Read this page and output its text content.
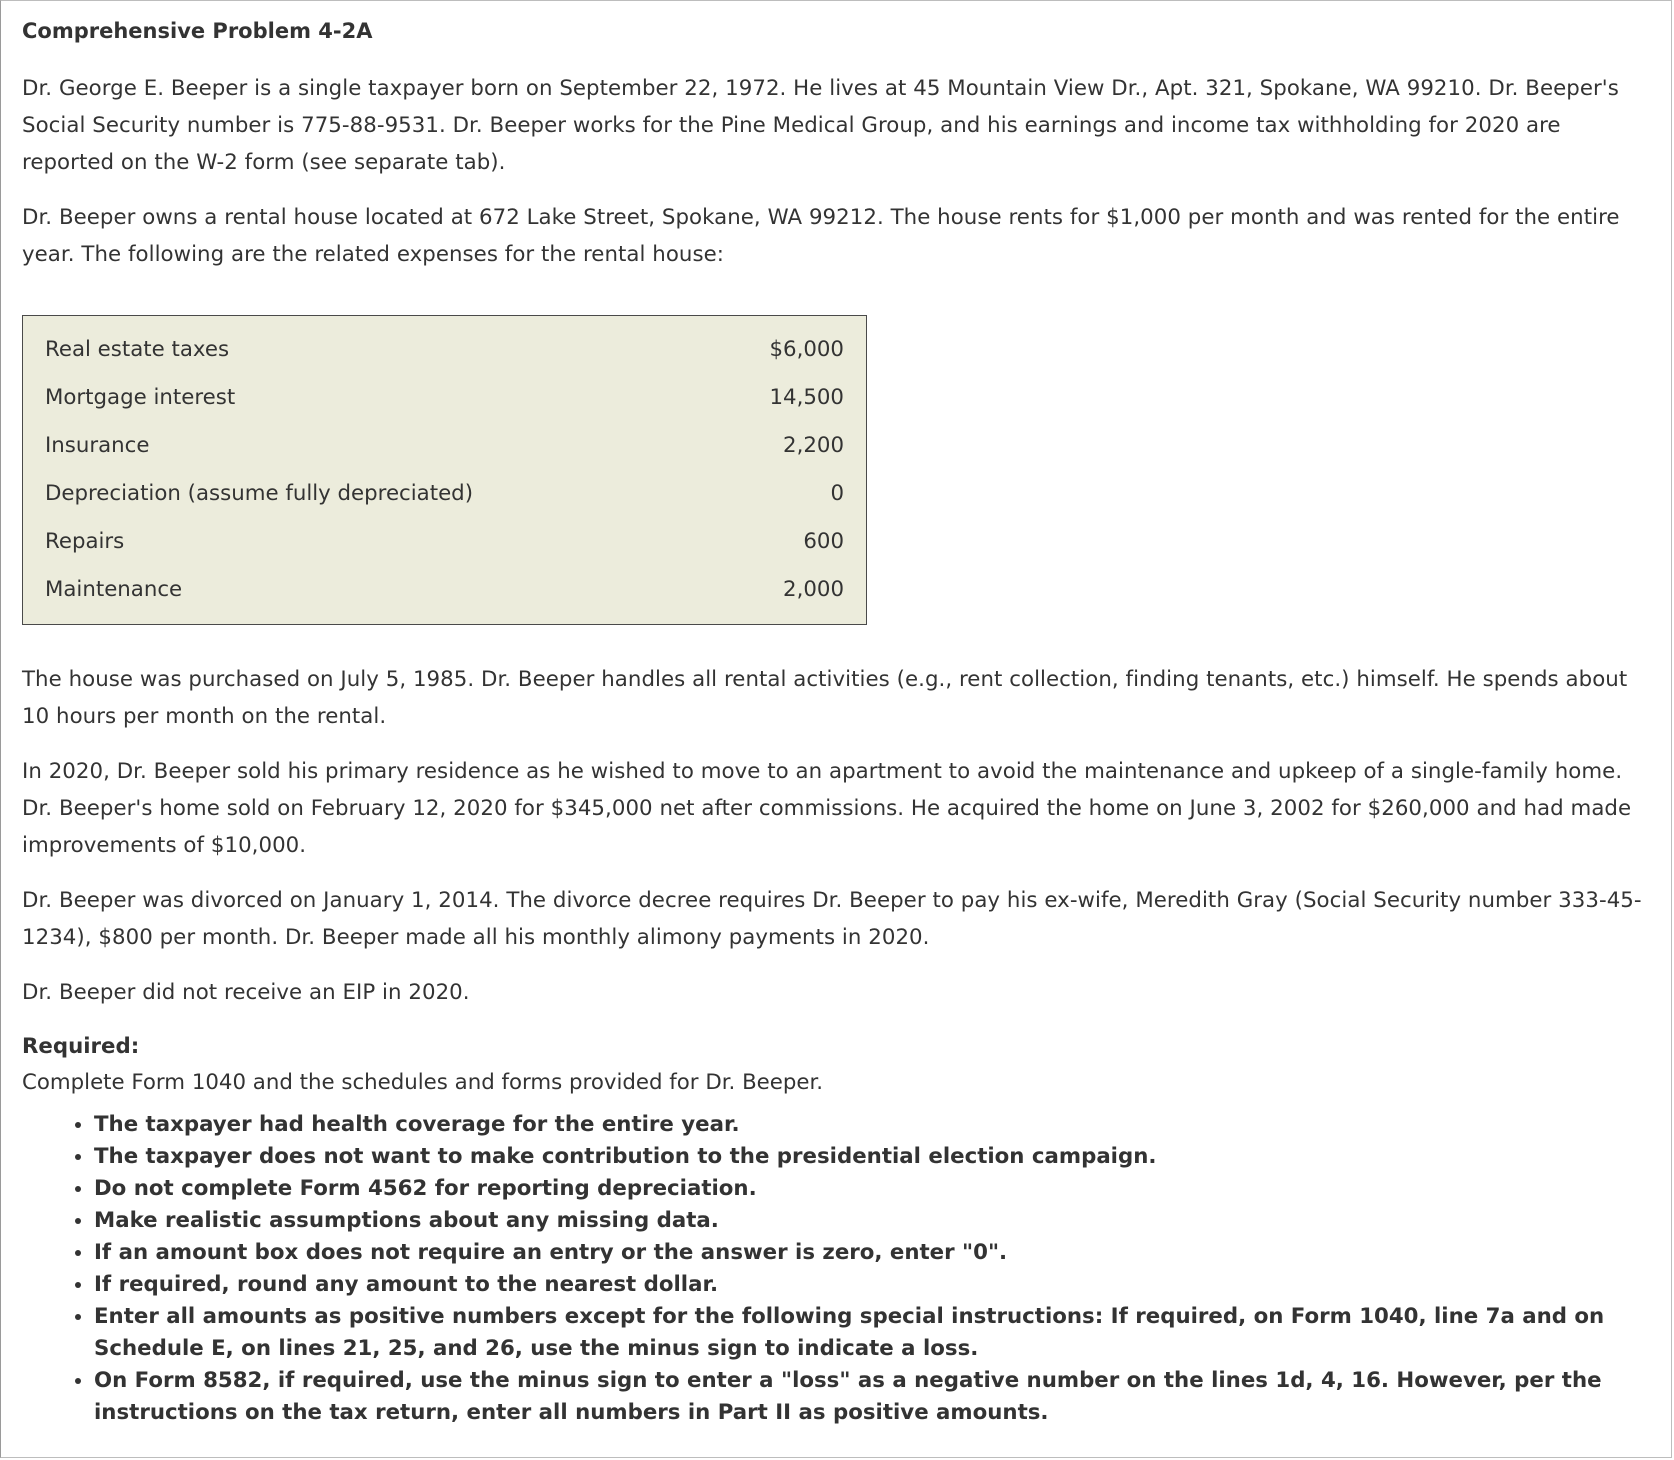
Comprehensive Problem 4-2A

Dr. George E. Beeper is a single taxpayer born on September 22, 1972. He lives at 45 Mountain View Dr., Apt. 321, Spokane, WA 99210. Dr. Beeper's Social Security number is 775-88-9531. Dr. Beeper works for the Pine Medical Group, and his earnings and income tax withholding for 2020 are reported on the W-2 form (see separate tab).

Dr. Beeper owns a rental house located at 672 Lake Street, Spokane, WA 99212. The house rents for $1,000 per month and was rented for the entire year. The following are the related expenses for the rental house:

Real estate taxes	$6,000
Mortgage interest	14,500
Insurance	2,200
Depreciation (assume fully depreciated)	0
Repairs	600
Maintenance	2,000

The house was purchased on July 5, 1985. Dr. Beeper handles all rental activities (e.g., rent collection, finding tenants, etc.) himself. He spends about 10 hours per month on the rental.

In 2020, Dr. Beeper sold his primary residence as he wished to move to an apartment to avoid the maintenance and upkeep of a single-family home. Dr. Beeper's home sold on February 12, 2020 for $345,000 net after commissions. He acquired the home on June 3, 2002 for $260,000 and had made improvements of $10,000.

Dr. Beeper was divorced on January 1, 2014. The divorce decree requires Dr. Beeper to pay his ex-wife, Meredith Gray (Social Security number 333-45-1234), $800 per month. Dr. Beeper made all his monthly alimony payments in 2020.

Dr. Beeper did not receive an EIP in 2020.

Required:
Complete Form 1040 and the schedules and forms provided for Dr. Beeper.
• The taxpayer had health coverage for the entire year.
• The taxpayer does not want to make contribution to the presidential election campaign.
• Do not complete Form 4562 for reporting depreciation.
• Make realistic assumptions about any missing data.
• If an amount box does not require an entry or the answer is zero, enter "0".
• If required, round any amount to the nearest dollar.
• Enter all amounts as positive numbers except for the following special instructions: If required, on Form 1040, line 7a and on Schedule E, on lines 21, 25, and 26, use the minus sign to indicate a loss.
• On Form 8582, if required, use the minus sign to enter a "loss" as a negative number on the lines 1d, 4, 16. However, per the instructions on the tax return, enter all numbers in Part II as positive amounts.
